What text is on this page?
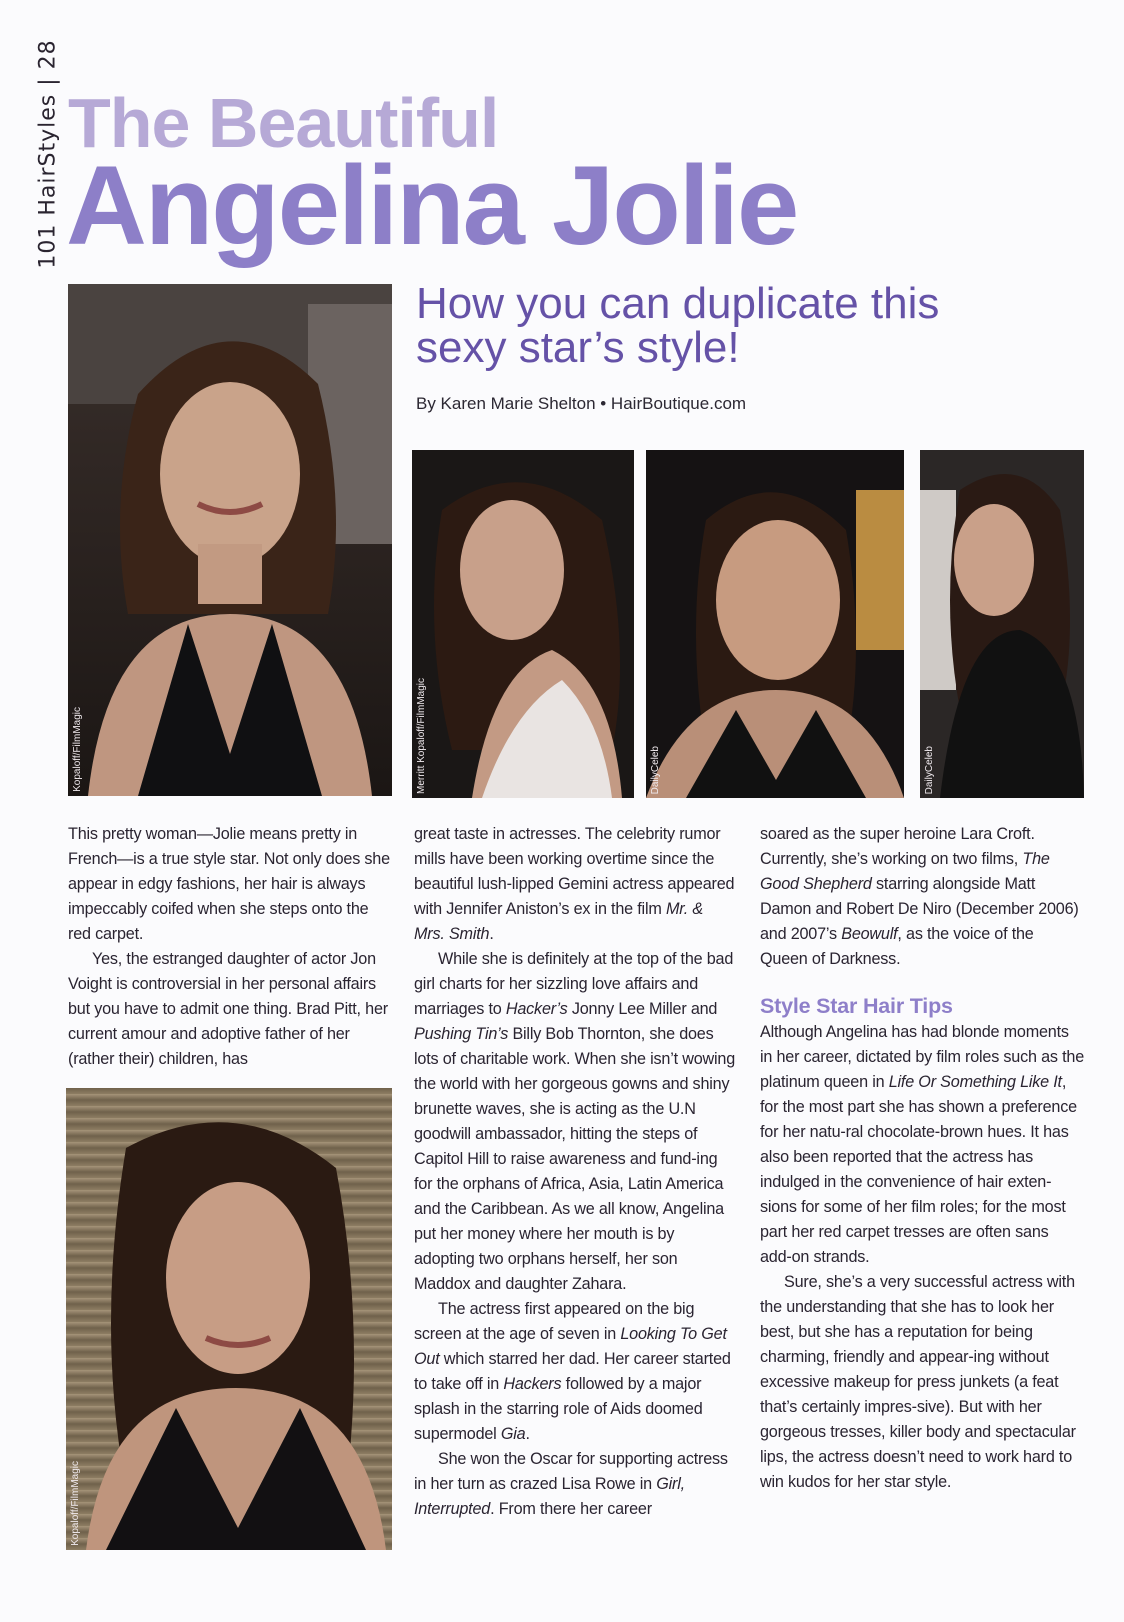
101 HairStyles | 28 The Beautiful
Angelina Jolie
How you can duplicate this
sexy star’s style!
By Karen Marie Shelton • HairBoutique.com
Kopaloff/FilmMagic	Merritt Kopaloff/FilmMagic	DailyCeleb	DailyCeleb
Kopaloff/FilmMagic

This pretty woman—Jolie means pretty in French—is a true style star. Not only does she appear in edgy fashions, her hair is always impeccably coifed when she steps onto the red carpet.

Yes, the estranged daughter of actor Jon Voight is controversial in her personal affairs but you have to admit one thing. Brad Pitt, her current amour and adoptive father of her (rather their) children, has

great taste in actresses. The celebrity rumor mills have been working overtime since the beautiful lush-lipped Gemini actress appeared with Jennifer Aniston’s ex in the film Mr. & Mrs. Smith.

While she is definitely at the top of the bad girl charts for her sizzling love affairs and marriages to Hacker’s Jonny Lee Miller and Pushing Tin’s Billy Bob Thornton, she does lots of charitable work. When she isn’t wowing the world with her gorgeous gowns and shiny brunette waves, she is acting as the U.N goodwill ambassador, hitting the steps of Capitol Hill to raise awareness and fund-ing for the orphans of Africa, Asia, Latin America and the Caribbean. As we all know, Angelina put her money where her mouth is by adopting two orphans herself, her son Maddox and daughter Zahara.

The actress first appeared on the big screen at the age of seven in Looking To Get Out which starred her dad. Her career started to take off in Hackers followed by a major splash in the starring role of Aids doomed supermodel Gia.

She won the Oscar for supporting actress in her turn as crazed Lisa Rowe in Girl, Interrupted. From there her career

soared as the super heroine Lara Croft. Currently, she’s working on two films, The Good Shepherd starring alongside Matt Damon and Robert De Niro (December 2006) and 2007’s Beowulf, as the voice of the Queen of Darkness.

Style Star Hair Tips

Although Angelina has had blonde moments in her career, dictated by film roles such as the platinum queen in Life Or Something Like It, for the most part she has shown a preference for her natu-ral chocolate-brown hues. It has also been reported that the actress has indulged in the convenience of hair exten-sions for some of her film roles; for the most part her red carpet tresses are often sans add-on strands.

Sure, she’s a very successful actress with the understanding that she has to look her best, but she has a reputation for being charming, friendly and appear-ing without excessive makeup for press junkets (a feat that’s certainly impres-sive). But with her gorgeous tresses, killer body and spectacular lips, the actress doesn’t need to work hard to win kudos for her star style.
